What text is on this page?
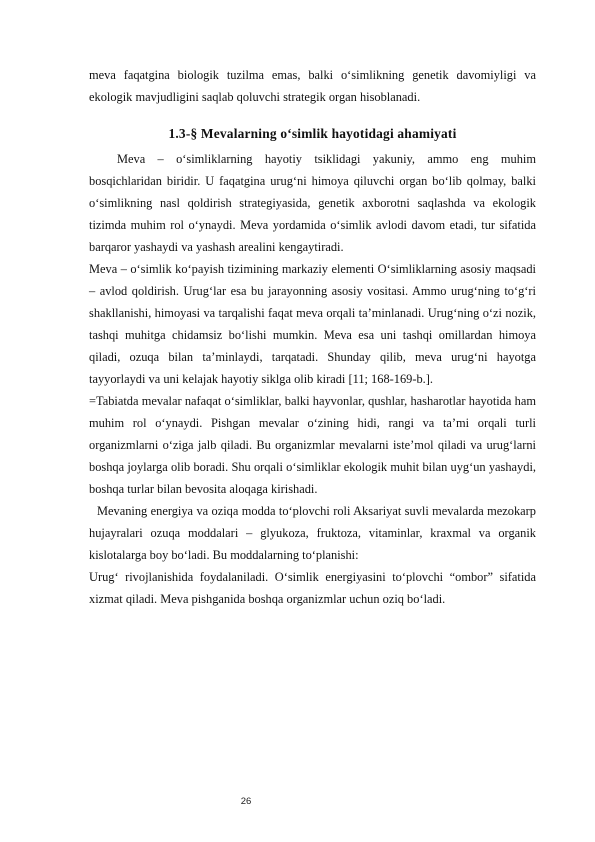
meva faqatgina biologik tuzilma emas, balki o‘simlikning genetik davomiyligi va ekologik mavjudligini saqlab qoluvchi strategik organ hisoblanadi.

1.3-§ Mevalarning o‘simlik hayotidagi ahamiyati

Meva – o‘simliklarning hayotiy tsiklidagi yakuniy, ammo eng muhim bosqichlaridan biridir. U faqatgina urug‘ni himoya qiluvchi organ bo‘lib qolmay, balki o‘simlikning nasl qoldirish strategiyasida, genetik axborotni saqlashda va ekologik tizimda muhim rol o‘ynaydi. Meva yordamida o‘simlik avlodi davom etadi, tur sifatida barqaror yashaydi va yashash arealini kengaytiradi.

Meva – o‘simlik ko‘payish tizimining markaziy elementi O‘simliklarning asosiy maqsadi – avlod qoldirish. Urug‘lar esa bu jarayonning asosiy vositasi. Ammo urug‘ning to‘g‘ri shakllanishi, himoyasi va tarqalishi faqat meva orqali ta’minlanadi. Urug‘ning o‘zi nozik, tashqi muhitga chidamsiz bo‘lishi mumkin. Meva esa uni tashqi omillardan himoya qiladi, ozuqa bilan ta’minlaydi, tarqatadi. Shunday qilib, meva urug‘ni hayotga tayyorlaydi va uni kelajak hayotiy siklga olib kiradi [11; 168-169-b.].

=Tabiatda mevalar nafaqat o‘simliklar, balki hayvonlar, qushlar, hasharotlar hayotida ham muhim rol o‘ynaydi. Pishgan mevalar o‘zining hidi, rangi va ta’mi orqali turli organizmlarni o‘ziga jalb qiladi. Bu organizmlar mevalarni iste’mol qiladi va urug‘larni boshqa joylarga olib boradi. Shu orqali o‘simliklar ekologik muhit bilan uyg‘un yashaydi, boshqa turlar bilan bevosita aloqaga kirishadi.

Mevaning energiya va oziqa modda to‘plovchi roli Aksariyat suvli mevalarda mezokarp hujayralari ozuqa moddalari – glyukoza, fruktoza, vitaminlar, kraxmal va organik kislotalarga boy bo‘ladi. Bu moddalarning to‘planishi:

Urug‘ rivojlanishida foydalaniladi. O‘simlik energiyasini to‘plovchi “ombor” sifatida xizmat qiladi. Meva pishganida boshqa organizmlar uchun oziq bo‘ladi.

26
